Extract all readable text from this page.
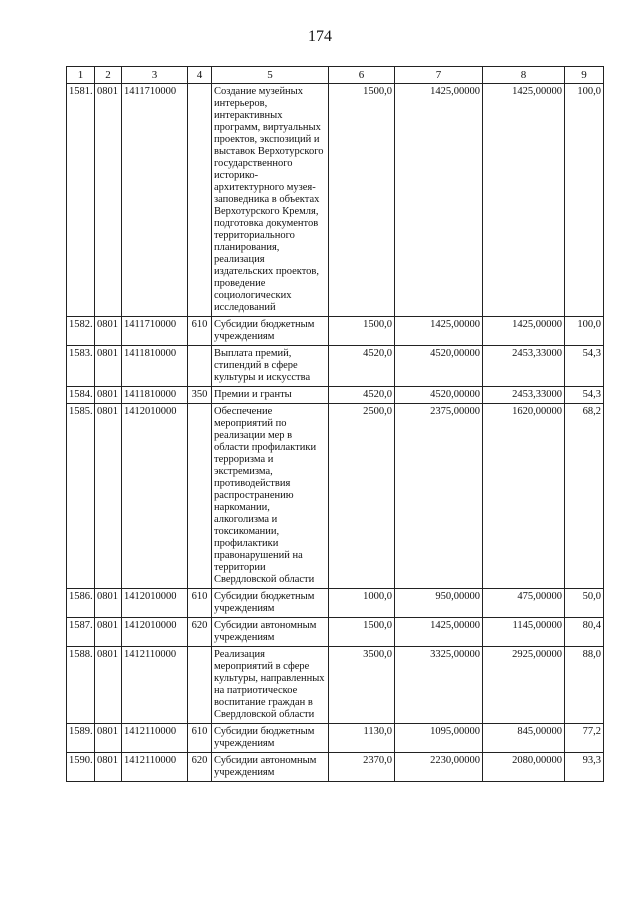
174
1	2	3	4	5	6	7	8	9
1581.	0801	1411710000		Создание музейных интерьеров, интерактивных программ, виртуальных проектов, экспозиций и выставок Верхотурского государственного историко-архитектурного музея-заповедника в объектах Верхотурского Кремля, подготовка документов территориального планирования, реализация издательских проектов, проведение социологических исследований	1500,0	1425,00000	1425,00000	100,0
1582.	0801	1411710000	610	Субсидии бюджетным учреждениям	1500,0	1425,00000	1425,00000	100,0
1583.	0801	1411810000		Выплата премий, стипендий в сфере культуры и искусства	4520,0	4520,00000	2453,33000	54,3
1584.	0801	1411810000	350	Премии и гранты	4520,0	4520,00000	2453,33000	54,3
1585.	0801	1412010000		Обеспечение мероприятий по реализации мер в области профилактики терроризма и экстремизма, противодействия распространению наркомании, алкоголизма и токсикомании, профилактики правонарушений на территории Свердловской области	2500,0	2375,00000	1620,00000	68,2
1586.	0801	1412010000	610	Субсидии бюджетным учреждениям	1000,0	950,00000	475,00000	50,0
1587.	0801	1412010000	620	Субсидии автономным учреждениям	1500,0	1425,00000	1145,00000	80,4
1588.	0801	1412110000		Реализация мероприятий в сфере культуры, направленных на патриотическое воспитание граждан в Свердловской области	3500,0	3325,00000	2925,00000	88,0
1589.	0801	1412110000	610	Субсидии бюджетным учреждениям	1130,0	1095,00000	845,00000	77,2
1590.	0801	1412110000	620	Субсидии автономным учреждениям	2370,0	2230,00000	2080,00000	93,3
